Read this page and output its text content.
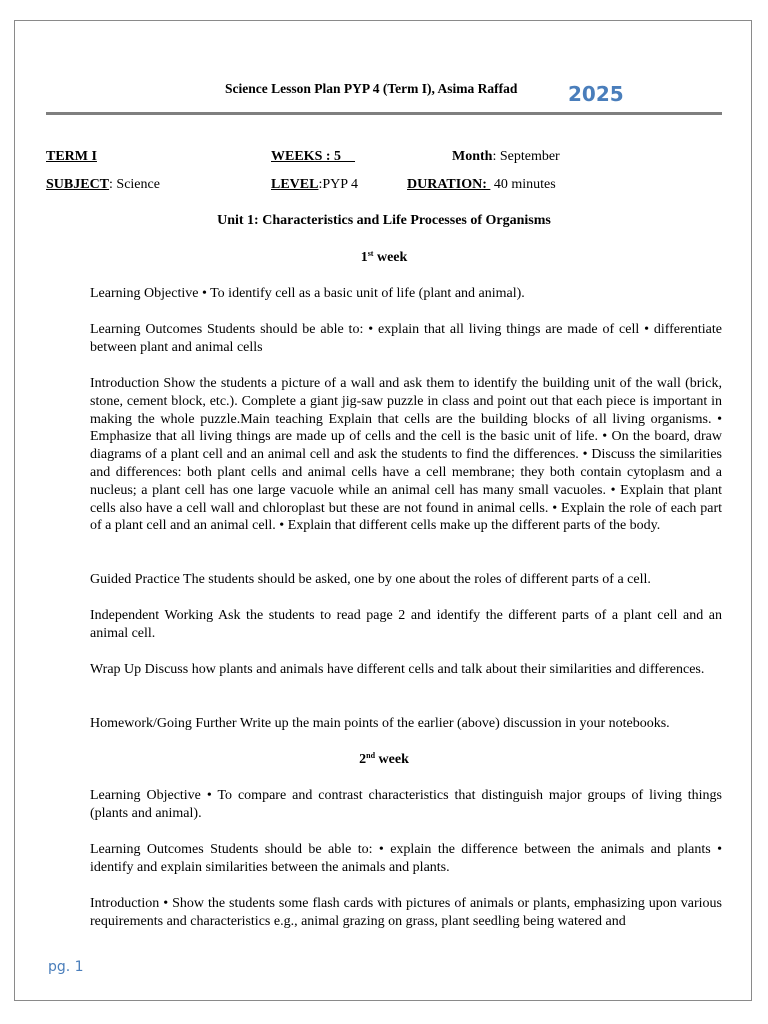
Science Lesson Plan PYP 4 (Term I), Asima Raffad	2025
TERM I	WEEKS : 5	Month: September
SUBJECT: Science	LEVEL:PYP 4	DURATION:  40 minutes
Unit 1: Characteristics and Life Processes of Organisms
1st week

Learning Objective • To identify cell as a basic unit of life (plant and animal).

Learning Outcomes Students should be able to: • explain that all living things are made of cell • differentiate between plant and animal cells

Introduction Show the students a picture of a wall and ask them to identify the building unit of the wall (brick, stone, cement block, etc.). Complete a giant jig-saw puzzle in class and point out that each piece is important in making the whole puzzle.Main teaching Explain that cells are the building blocks of all living organisms. • Emphasize that all living things are made up of cells and the cell is the basic unit of life. • On the board, draw diagrams of a plant cell and an animal cell and ask the students to find the differences. • Discuss the similarities and differences: both plant cells and animal cells have a cell membrane; they both contain cytoplasm and a nucleus; a plant cell has one large vacuole while an animal cell has many small vacuoles. • Explain that plant cells also have a cell wall and chloroplast but these are not found in animal cells. • Explain the role of each part of a plant cell and an animal cell. • Explain that different cells make up the different parts of the body.

Guided Practice The students should be asked, one by one about the roles of different parts of a cell.

Independent Working Ask the students to read page 2 and identify the different parts of a plant cell and an animal cell.

Wrap Up Discuss how plants and animals have different cells and talk about their similarities and differences.

Homework/Going Further Write up the main points of the earlier (above) discussion in your notebooks.

2nd week

Learning Objective • To compare and contrast characteristics that distinguish major groups of living things (plants and animal).

Learning Outcomes Students should be able to: • explain the difference between the animals and plants • identify and explain similarities between the animals and plants.

Introduction • Show the students some flash cards with pictures of animals or plants, emphasizing upon various requirements and characteristics e.g., animal grazing on grass, plant seedling being watered and

pg. 1
